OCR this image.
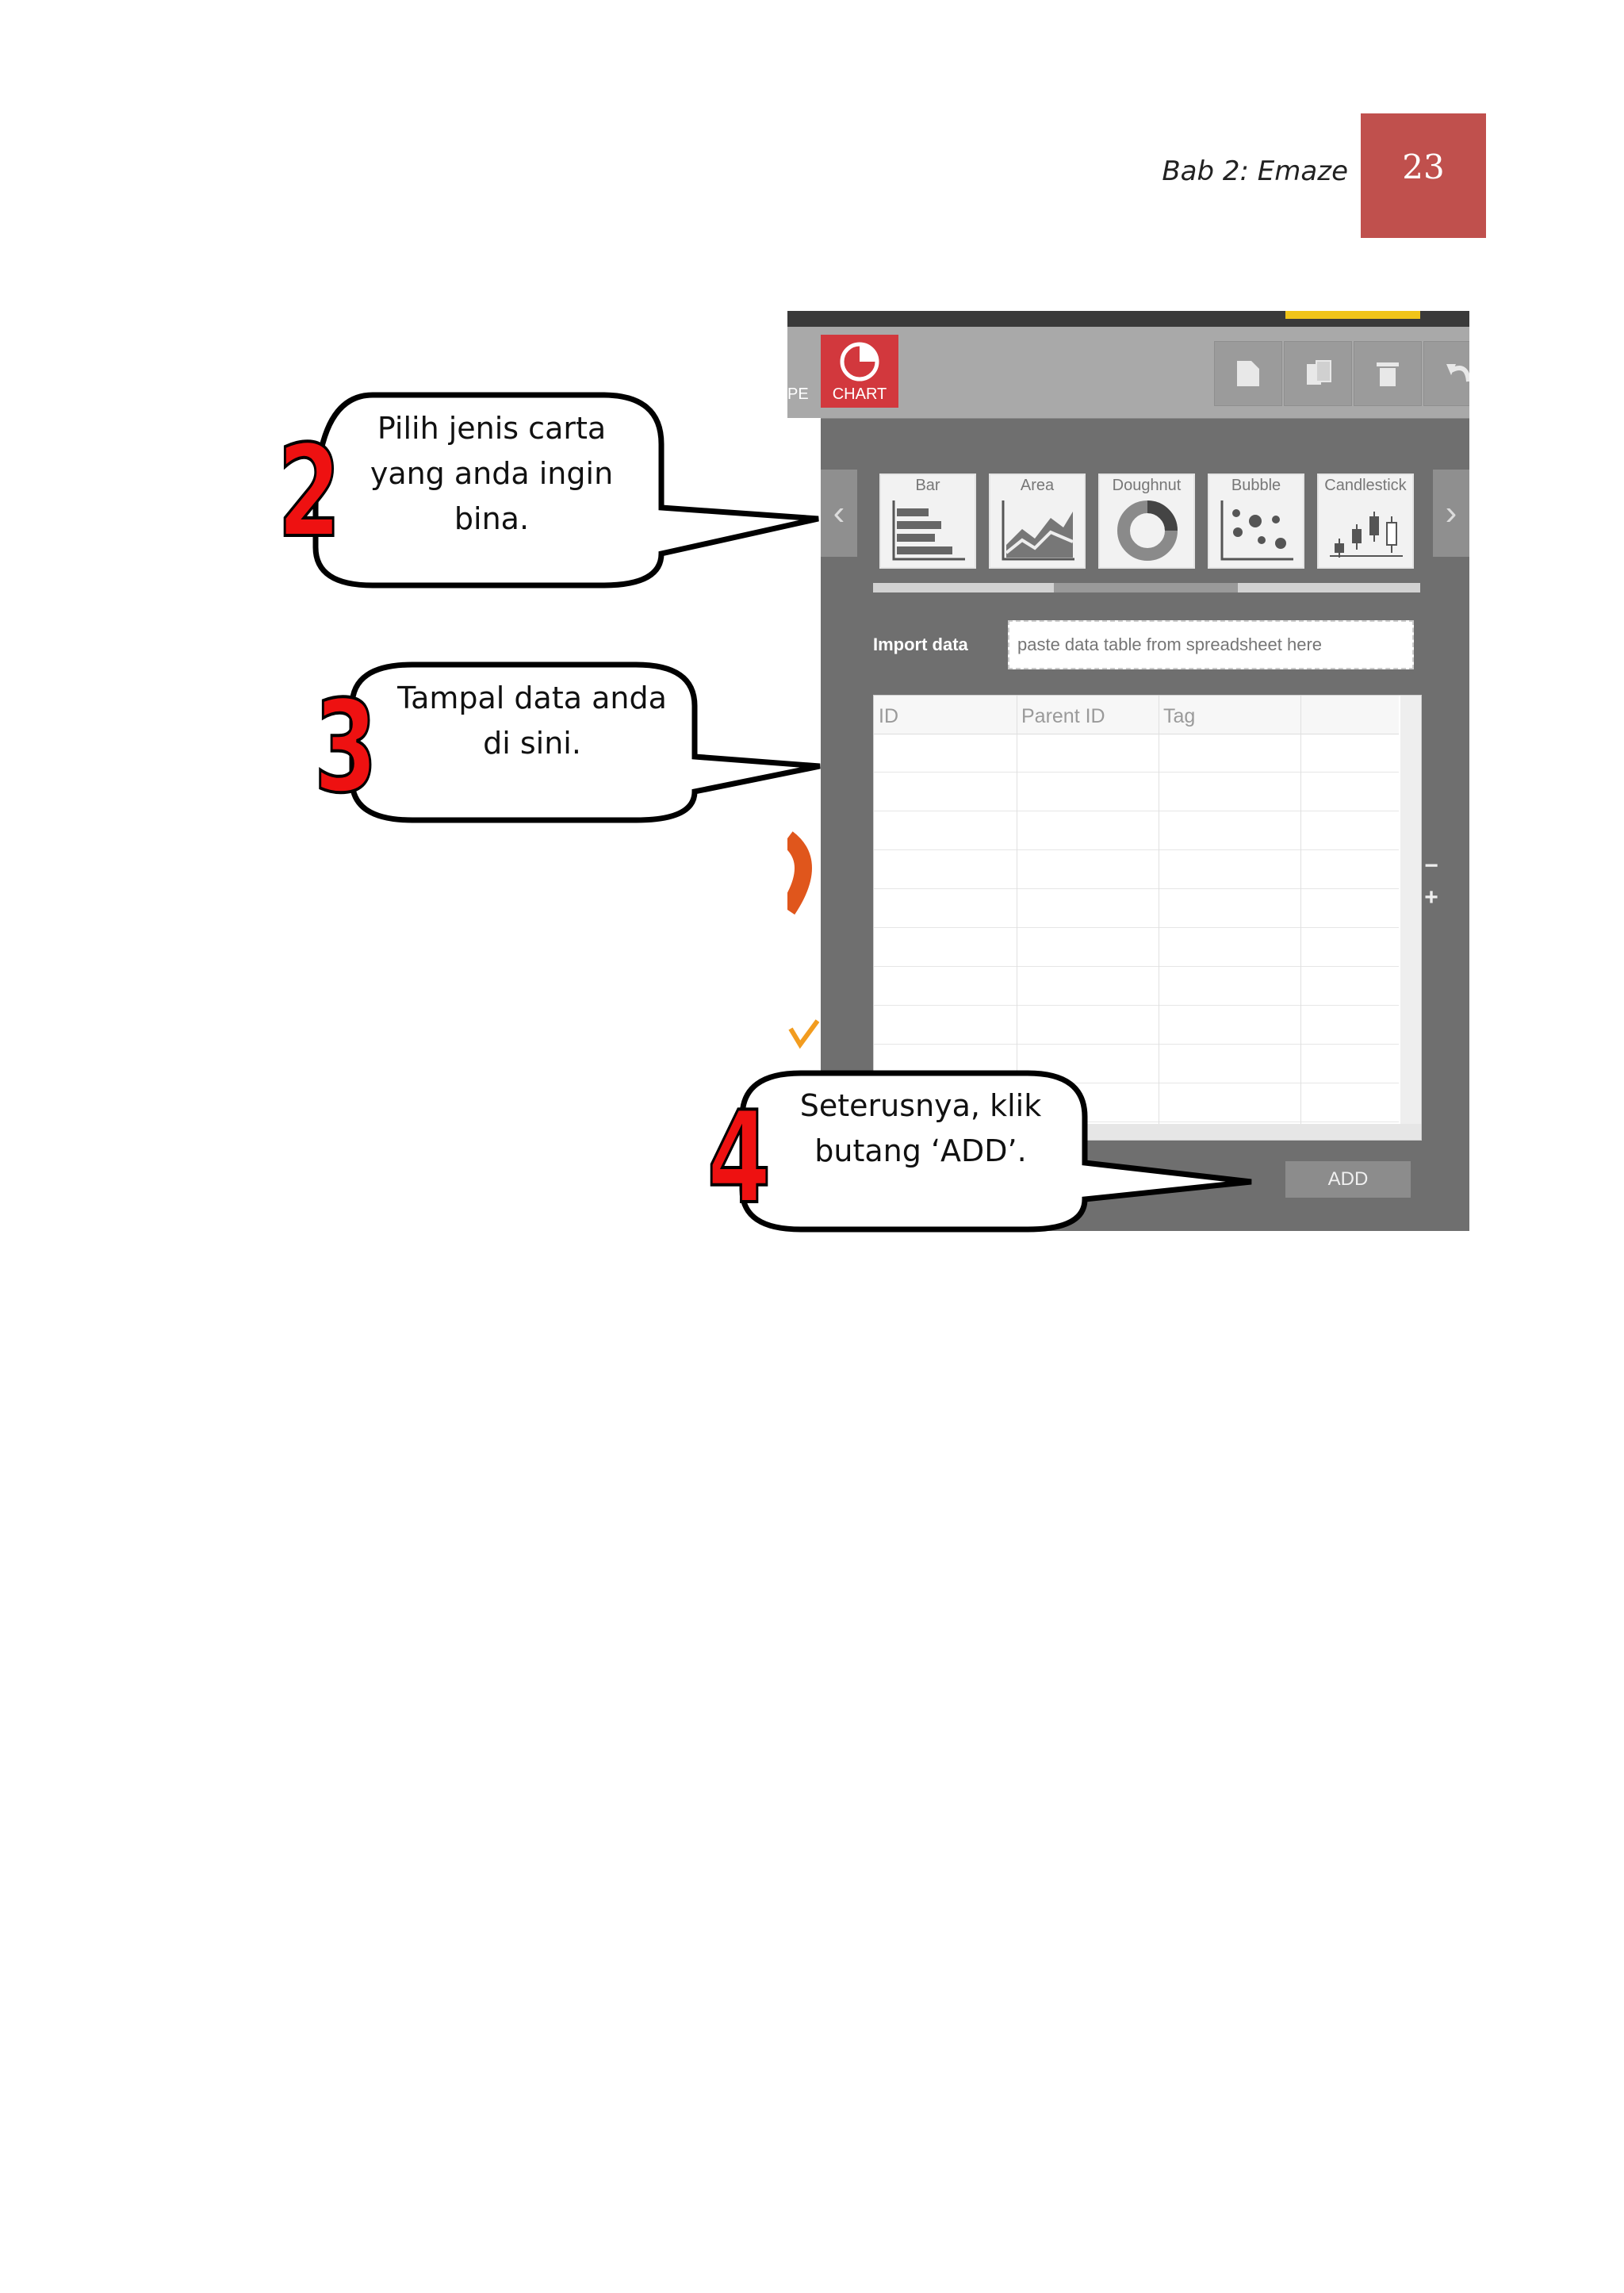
Bab 2: Emaze	23
PE	CHART
‹	›
Bar	Area	Doughnut	Bubble	Candlestick
Import data
paste data table from spreadsheet here
ID	Parent ID	Tag
−
+
ADD
2
3
4
Pilih jenis carta
yang anda ingin
bina.
Tampal data anda
di sini.
Seterusnya, klik
butang ‘ADD’.
